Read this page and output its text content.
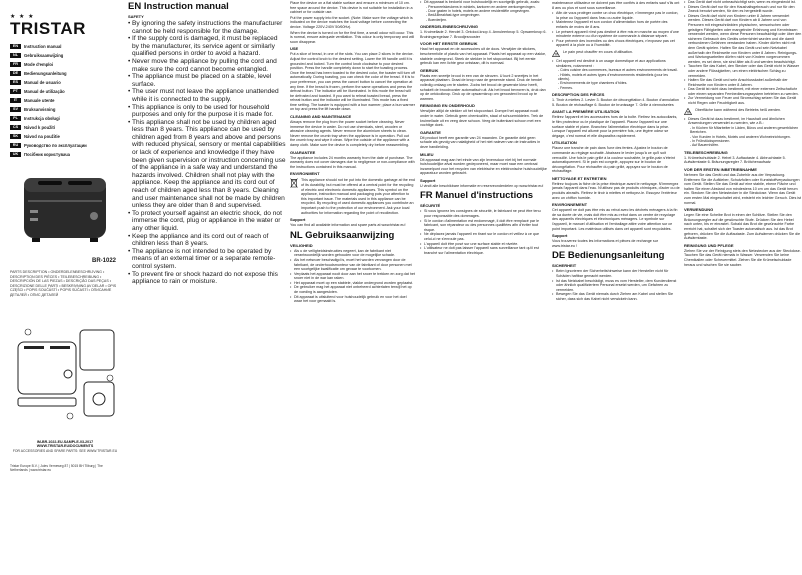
★ ★ ★
TRISTAR
EN	Instruction manual
NL	Gebruiksaanwijzing
FR	Mode d'emploi
DE	Bedienungsanleitung
ES	Manual de usuario
PT	Manual de utilização
IT	Manuale utente
SV	Bruksanvisning
PL	Instrukcja obsługi
CS	Návod k použití
SK	Návod na použitie
RU	Руководство по эксплуатации
UK	Посібник користувача
BR-1022
PARTS DESCRIPTION • ONDERDELENBESCHRIJVING • DESCRIPTION DES PIÈCES • TEILEBESCHREIBUNG • DESCRIPCIÓN DE LAS PIEZAS • DESCRIÇÃO DAS PEÇAS • DESCRIZIONE DELLE PARTI • BESKRIVNING AV DELAR • OPIS CZĘŚCI • POPIS SOUČÁSTÍ • POPIS SÚČASTÍ • ОПИСАНИЕ ДЕТАЛЕЙ • ОПИС ДЕТАЛЕЙ
IM-BR-1022-EU-SAMPLE-03-2017
WWW.TRISTAR.EU/DOCUMENTS
FOR ACCESSORIES AND SPARE PARTS: SEE WWW.TRISTAR.EU
Tristar Europe B.V. | Jules Verneweg 87 | 5015 BH Tilburg | The Netherlands | www.tristar.eu
EN Instruction manual
SAFETY
• By ignoring the safety instructions the manufacturer cannot be held responsible for the damage.
• If the supply cord is damaged, it must be replaced by the manufacturer, its service agent or similarly qualified persons in order to avoid a hazard.
• Never move the appliance by pulling the cord and make sure the cord cannot become entangled.
• The appliance must be placed on a stable, level surface.
• The user must not leave the appliance unattended while it is connected to the supply.
• This appliance is only to be used for household purposes and only for the purpose it is made for.
• This appliance shall not be used by children aged less than 8 years. This appliance can be used by children aged from 8 years and above and persons with reduced physical, sensory or mental capabilities or lack of experience and knowledge if they have been given supervision or instruction concerning use of the appliance in a safe way and understand the hazards involved. Children shall not play with the appliance. Keep the appliance and its cord out of reach of children aged less than 8 years. Cleaning and user maintenance shall not be made by children unless they are older than 8 and supervised.
• To protect yourself against an electric shock, do not immerse the cord, plug or appliance in the water or any other liquid.
• Keep the appliance and its cord out of reach of children less than 8 years.
• The appliance is not intended to be operated by means of an external timer or a separate remote-control system.
• To prevent fire or shock hazard do not expose this appliance to rain or moisture.
Place the device on a flat stable surface and ensure a minimum of 10 cm. free space around the device. This device is not suitable for installation in a cabinet or for outside use.
Put the power supply into the socket. (Note: Make sure the voltage which is indicated on the device matches the local voltage before connecting the device. Voltage 220V-240V 50/60Hz).
When the device is turned on for the first time, a small odour will occur. This is normal, ensure adequate ventilation. This odour is only temporary and will soon disappear.
USE
Put a slice of bread, in one of the slots. You can place 2 slices in the device. Adjust the control knob to the desired setting. Lower the lift handle until it is grounded and locked. Turn the control knob clockwise to your desired position. Press the handle completely down to start the toasting process. Once the bread has been toasted to the desired color, the toaster will turn off automatically. During toasting, you can check the color of the bread. If it is to your preference, you can press the cancel button to cancel the operation at any time. If the bread is frozen, perform the same operations and press the defrost button. The indicator will be illuminated. In this mode the bread will be defrosted and toasted. If you want to reheat toasted bread, press the reheat button and the indicator will be illuminated. This mode has a fixed time setting. The toaster is equipped with a bun warmer; place a bun warmer on top and press the lift handle down.
CLEANING AND MAINTENANCE
Always remove the plug from the power socket before cleaning. Never immerse the device in water. Do not use chemicals, steel, wooden or abrasive cleaning agents. Never remove the aluminium sheets to clean. Never remove the crumb tray when the appliance is in operation. Pull out the crumb tray and wipe it clean. Wipe the outside of the appliance with a damp cloth. Make sure the device is completely dry before reassembling.
GUARANTEE
The appliance includes 24 months warranty from the date of purchase. The warranty does not cover damages due to negligence or non-compliance with the instructions contained in this manual.
ENVIRONMENT
This appliance should not be put into the domestic garbage at the end of its durability, but must be offered at a central point for the recycling of electric and electronic domestic appliances. This symbol on the appliance, instruction manual and packaging puts your attention to this important issue. The materials used in this appliance can be recycled. By recycling of used domestic appliances you contribute an important push to the protection of our environment. Ask your local authorities for information regarding the point of recollection.
Support
You can find all available information and spare parts at www.tristar.eu!
NL Gebruiksaanwijzing
VEILIGHEID
• Als u de veiligheidsinstructies negeert, kan de fabrikant niet verantwoordelijk worden gehouden voor de mogelijke schade.
• Als het netsnoer beschadigd is, moet het worden vervangen door de fabrikant, de onderhoudsmonteur van de fabrikant of door personen met een soortgelijke kwalificatie om gevaar te voorkomen.
• Verplaats het apparaat nooit door aan het snoer te trekken en zorg dat het snoer niet in de war kan raken.
• Het apparaat moet op een stabiele, vlakke ondergrond worden geplaatst.
• De gebruiker mag het apparaat niet onbeheerd achterlaten terwijl het op de voeding is aangesloten.
• Dit apparaat is uitsluitend voor huishoudelijk gebruik en voor het doel waar het voor gemaakt is.
• Dit apparaat is bedoeld voor huishoudelijk en soortgelijk gebruik, zoals:
- Personeelskeukens in winkels, kantoren en andere werkomgevingen.
- Door gasten in hotels, motels en andere residentiële omgevingen.
- Bed&Breakfast-type omgevingen.
- Boerderijen.
ONDERDELENBESCHRIJVING
1. Kruimellade 2. Hendel 3. Ontdooi-knop 4. Annuleerknop 5. Opwarmknop 6. Bruiningsregelaar 7. Broodjesrooster
VOOR HET EERSTE GEBRUIK
Haal het apparaat en de accessoires uit de doos. Verwijder de stickers, beschermfolie of plastic van het apparaat. Plaats het apparaat op een vlakke, stabiele ondergrond. Steek de stekker in het stopcontact. Bij het eerste gebruik kan een lichte geur ontstaan, dit is normaal.
GEBRUIK
Plaats een sneetje brood in een van de sleuven. U kunt 2 sneetjes in het apparaat plaatsen. Draai de knop naar de gewenste stand. Druk de hendel volledig omlaag om te starten. Zodra het brood de gewenste kleur heeft, schakelt de broodrooster automatisch uit. Als het brood bevroren is, druk dan op de ontdooiknop. Druk op de opwarmknop om geroosterd brood op te warmen.
REINIGING EN ONDERHOUD
Verwijder altijd de stekker uit het stopcontact. Dompel het apparaat nooit onder in water. Gebruik geen chemicaliën, staal of schuurmiddelen. Trek de kruimellade uit en veeg deze schoon. Veeg de buitenkant schoon met een vochtige doek.
GARANTIE
Dit product heeft een garantie van 24 maanden. De garantie dekt geen schade als gevolg van nalatigheid of het niet naleven van de instructies in deze handleiding.
MILIEU
Dit apparaat mag aan het einde van zijn levensduur niet bij het normale huishoudelijke afval worden gedeponeerd, maar moet naar een centraal inzamelpunt voor het recyclen van elektrische en elektronische huishoudelijke apparatuur worden gebracht.
Support
U vindt alle beschikbare informatie en reserveonderdelen op www.tristar.eu!
FR Manuel d'instructions
SÉCURITÉ
• Si vous ignorez les consignes de sécurité, le fabricant ne peut être tenu pour responsable des dommages.
• Si le cordon d'alimentation est endommagé, il doit être remplacé par le fabricant, son réparateur ou des personnes qualifiées afin d'éviter tout risque.
• Ne déplacez jamais l'appareil en tirant sur le cordon et veillez à ce que celui-ci ne s'enroule pas.
• L'appareil doit être posé sur une surface stable et nivelée.
• L'utilisateur ne doit pas laisser l'appareil sans surveillance tant qu'il est branché sur l'alimentation électrique.
maintenance utilisateur ne doivent pas être confiés à des enfants sauf s'ils ont 8 ans ou plus et sont sous surveillance.
• Afin de vous protéger contre un choc électrique, n'immergez pas le cordon, la prise ou l'appareil dans l'eau ou autre liquide.
• Maintenez l'appareil et son cordon d'alimentation hors de portée des enfants de moins de 8 ans.
• Le présent appareil n'est pas destiné à être mis en marche au moyen d'une minuterie externe ou d'un système de commande à distance séparé.
• Pour prévenir des incendies ou des chocs électriques, n'exposez pas cet appareil à la pluie ou à l'humidité.
Le pain peut chauffer en cours d'utilisation.
• Cet appareil est destiné à un usage domestique et aux applications similaires, notamment :
- Coins cuisine des commerces, bureaux et autres environnements de travail.
- Hôtels, motels et autres types d'environnements résidentiels (pour les clients).
- Environnements de type chambres d'hôtes.
- Fermes.
DESCRIPTION DES PIÈCES
1. Tiroir à miettes 2. Levier 3. Bouton de décongélation 4. Bouton d'annulation 5. Bouton de réchauffage 6. Bouton de brunissage 7. Grille à viennoiseries
AVANT LA PREMIÈRE UTILISATION
Retirez l'appareil et les accessoires hors de la boîte. Retirez les autocollants, le film protecteur ou le plastique de l'appareil. Placez l'appareil sur une surface stable et plane. Branchez l'alimentation électrique dans la prise. Lorsque l'appareil est allumé pour la première fois, une légère odeur se dégage, c'est normal et elle disparaîtra rapidement.
UTILISATION
Placez une tranche de pain dans l'une des fentes. Ajustez le bouton de commande au réglage souhaité. Abaissez le levier jusqu'à ce qu'il soit verrouillé. Une fois le pain grillé à la couleur souhaitée, le grille-pain s'éteint automatiquement. Si le pain est congelé, appuyez sur le bouton de décongélation. Pour réchauffer du pain grillé, appuyez sur le bouton de réchauffage.
NETTOYAGE ET ENTRETIEN
Retirez toujours la fiche de la prise électrique avant le nettoyage. N'immergez jamais l'appareil dans l'eau. N'utilisez pas de produits chimiques, d'acier ou de produits abrasifs. Retirez le tiroir à miettes et nettoyez-le. Essuyez l'extérieur avec un chiffon humide.
ENVIRONNEMENT
Cet appareil ne doit pas être mis au rebut avec les déchets ménagers à la fin de sa durée de vie, mais doit être mis au rebut dans un centre de recyclage des appareils électriques et électroniques ménagers. Le symbole sur l'appareil, le manuel d'utilisation et l'emballage attire votre attention sur ce point important. Les matériaux utilisés dans cet appareil sont recyclables.
Support
Vous trouverez toutes les informations et pièces de rechange sur www.tristar.eu !
DE Bedienungsanleitung
SICHERHEIT
• Beim Ignorieren der Sicherheitshinweise kann der Hersteller nicht für Schäden haftbar gemacht werden.
• Ist das Netzkabel beschädigt, muss es vom Hersteller, dem Kundendienst oder ähnlich qualifiziertem Personal ersetzt werden, um Gefahren zu vermeiden.
• Bewegen Sie das Gerät niemals durch Ziehen am Kabel und stellen Sie sicher, dass sich das Kabel nicht verwickeln kann.
• Das Gerät darf nicht unbeaufsichtigt sein, wenn es eingesteckt ist.
• Dieses Gerät darf nur für den Haushaltsgebrauch und nur für den Zweck benutzt werden, für den es hergestellt wurde.
• Dieses Gerät darf nicht von Kindern unter 8 Jahren verwendet werden. Dieses Gerät darf von Kindern ab 8 Jahren und von Personen mit eingeschränkten physischen, sensorischen oder geistigen Fähigkeiten oder mangelnder Erfahrung und Kenntnissen verwendet werden, wenn diese Personen beaufsichtigt oder über den sicheren Gebrauch des Geräts unterrichtet wurden und die damit verbundenen Gefahren verstanden haben. Kinder dürfen nicht mit dem Gerät spielen. Halten Sie das Gerät und sein Netzkabel außerhalb der Reichweite von Kindern unter 8 Jahren. Reinigungs- und Wartungsarbeiten dürfen nicht von Kindern vorgenommen werden, es sei denn, sie sind älter als 8 und werden beaufsichtigt.
• Tauchen Sie das Kabel, den Stecker oder das Gerät nicht in Wasser oder andere Flüssigkeiten, um einen elektrischen Schlag zu vermeiden.
• Halten Sie das Gerät und sein Anschlusskabel außerhalb der Reichweite von Kindern unter 8 Jahren.
• Das Gerät ist nicht dazu bestimmt, mit einer externen Zeitschaltuhr oder einem separaten Fernbedienungssystem betrieben zu werden.
• Zur Vermeidung von Feuer und Stromschlag setzen Sie das Gerät nicht Regen oder Feuchtigkeit aus.
Oberfläche kann während des Betriebs heiß werden.
• Dieses Gerät ist dazu bestimmt, im Haushalt und ähnlichen Anwendungen verwendet zu werden, wie z.B.:
- In Küchen für Mitarbeiter in Läden, Büros und anderen gewerblichen Bereichen.
- Von Kunden in Hotels, Motels und anderen Wohneinrichtungen.
- In Frühstückspensionen.
- Auf Bauernhöfen.
TEILEBESCHREIBUNG
1. Krümelschublade 2. Hebel 3. Auftautaste 4. Abbruchtaste 5. Aufwärmtaste 6. Bräunungsregler 7. Brötchenaufsatz
VOR DER ERSTEN INBETRIEBNAHME
Nehmen Sie das Gerät und das Zubehör aus der Verpackung. Entfernen Sie die Aufkleber, Schutzfolien oder Kunststoffverpackungen vom Gerät. Stellen Sie das Gerät auf eine stabile, ebene Fläche und halten Sie einen Abstand von mindestens 10 cm um das Gerät herum ein. Stecken Sie den Netzstecker in die Steckdose. Wenn das Gerät zum ersten Mal eingeschaltet wird, entsteht ein leichter Geruch. Dies ist normal.
VERWENDUNG
Legen Sie eine Scheibe Brot in einen der Schlitze. Stellen Sie den Bräunungsregler auf die gewünschte Stufe. Drücken Sie den Hebel nach unten, bis er einrastet. Sobald das Brot die gewünschte Farbe erreicht hat, schaltet sich der Toaster automatisch aus. Ist das Brot gefroren, drücken Sie die Auftautaste. Zum Aufwärmen drücken Sie die Aufwärmtaste.
REINIGUNG UND PFLEGE
Ziehen Sie vor der Reinigung stets den Netzstecker aus der Steckdose. Tauchen Sie das Gerät niemals in Wasser. Verwenden Sie keine Chemikalien oder Scheuermittel. Ziehen Sie die Krümelschublade heraus und wischen Sie sie sauber.
